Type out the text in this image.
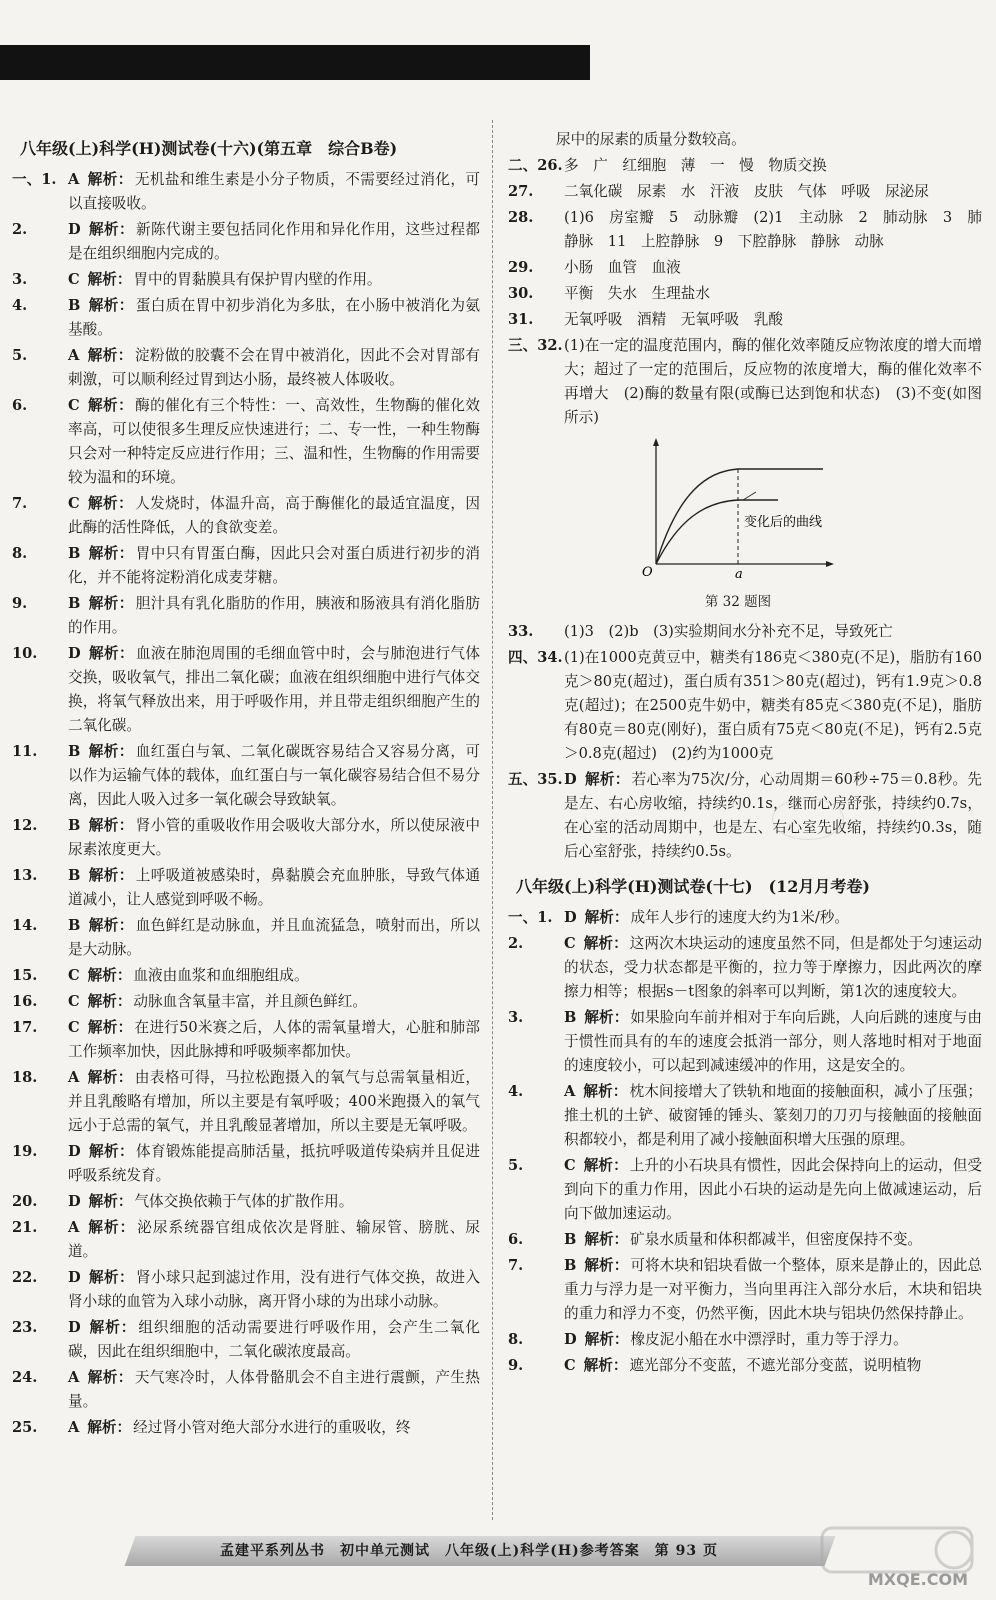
八年级(上)科学(H)测试卷(十六)(第五章　综合B卷)
一、1. A 解析： 无机盐和维生素是小分子物质，不需要经过消化，可以直接吸收。
2.	D 解析： 新陈代谢主要包括同化作用和异化作用，这些过程都是在组织细胞内完成的。
3.	C 解析： 胃中的胃黏膜具有保护胃内壁的作用。
4.	B 解析： 蛋白质在胃中初步消化为多肽，在小肠中被消化为氨基酸。
5.	A 解析： 淀粉做的胶囊不会在胃中被消化，因此不会对胃部有刺激，可以顺利经过胃到达小肠，最终被人体吸收。
6.	C 解析： 酶的催化有三个特性：一、高效性，生物酶的催化效率高，可以使很多生理反应快速进行；二、专一性，一种生物酶只会对一种特定反应进行作用；三、温和性，生物酶的作用需要较为温和的环境。
7.	C 解析： 人发烧时，体温升高，高于酶催化的最适宜温度，因此酶的活性降低，人的食欲变差。
8.	B 解析： 胃中只有胃蛋白酶，因此只会对蛋白质进行初步的消化，并不能将淀粉消化成麦芽糖。
9.	B 解析： 胆汁具有乳化脂肪的作用，胰液和肠液具有消化脂肪的作用。
10. D 解析： 血液在肺泡周围的毛细血管中时，会与肺泡进行气体交换，吸收氧气，排出二氧化碳；血液在组织细胞中进行气体交换，将氧气释放出来，用于呼吸作用，并且带走组织细胞产生的二氧化碳。
11. B 解析： 血红蛋白与氧、二氧化碳既容易结合又容易分离，可以作为运输气体的载体，血红蛋白与一氧化碳容易结合但不易分离，因此人吸入过多一氧化碳会导致缺氧。
12. B 解析： 肾小管的重吸收作用会吸收大部分水，所以使尿液中尿素浓度更大。
13. B 解析： 上呼吸道被感染时，鼻黏膜会充血肿胀，导致气体通道减小，让人感觉到呼吸不畅。
14. B 解析： 血色鲜红是动脉血，并且血流猛急，喷射而出，所以是大动脉。
15. C 解析： 血液由血浆和血细胞组成。
16. C 解析： 动脉血含氧量丰富，并且颜色鲜红。
17. C 解析： 在进行50米赛之后，人体的需氧量增大，心脏和肺部工作频率加快，因此脉搏和呼吸频率都加快。
18. A 解析： 由表格可得，马拉松跑摄入的氧气与总需氧量相近，并且乳酸略有增加，所以主要是有氧呼吸；400米跑摄入的氧气远小于总需的氧气，并且乳酸显著增加，所以主要是无氧呼吸。
19. D 解析： 体育锻炼能提高肺活量，抵抗呼吸道传染病并且促进呼吸系统发育。
20. D 解析： 气体交换依赖于气体的扩散作用。
21. A 解析： 泌尿系统器官组成依次是肾脏、输尿管、膀胱、尿道。
22. D 解析： 肾小球只起到滤过作用，没有进行气体交换，故进入肾小球的血管为入球小动脉，离开肾小球的为出球小动脉。
23. D 解析： 组织细胞的活动需要进行呼吸作用，会产生二氧化碳，因此在组织细胞中，二氧化碳浓度最高。
24. A 解析： 天气寒冷时，人体骨骼肌会不自主进行震颤，产生热量。
25. A 解析： 经过肾小管对绝大部分水进行的重吸收，终
尿中的尿素的质量分数较高。
二、26. 多　广　红细胞　薄　一　慢　物质交换
27. 二氧化碳　尿素　水　汗液　皮肤　气体　呼吸　尿泌尿
28. (1)6　房室瓣　5　动脉瓣　(2)1　主动脉　2　肺动脉　3　肺静脉　11　上腔静脉　9　下腔静脉　静脉　动脉
29. 小肠　血管　血液
30. 平衡　失水　生理盐水
31. 无氧呼吸　酒精　无氧呼吸　乳酸
三、32. (1)在一定的温度范围内，酶的催化效率随反应物浓度的增大而增大；超过了一定的范围后，反应物的浓度增大，酶的催化效率不再增大　(2)酶的数量有限(或酶已达到饱和状态)　(3)不变(如图所示)
变化后的曲线
O	a
第 32 题图
33. (1)3　(2)b　(3)实验期间水分补充不足，导致死亡
四、34. (1)在1000克黄豆中，糖类有186克＜380克(不足)，脂肪有160克＞80克(超过)，蛋白质有351＞80克(超过)，钙有1.9克＞0.8克(超过)；在2500克牛奶中，糖类有85克＜380克(不足)，脂肪有80克＝80克(刚好)，蛋白质有75克＜80克(不足)，钙有2.5克＞0.8克(超过)　(2)约为1000克
五、35. D 解析： 若心率为75次/分，心动周期＝60秒÷75＝0.8秒。先是左、右心房收缩，持续约0.1s，继而心房舒张，持续约0.7s，在心室的活动周期中，也是左、右心室先收缩，持续约0.3s，随后心室舒张，持续约0.5s。
八年级(上)科学(H)测试卷(十七)　(12月月考卷)
一、1. D 解析： 成年人步行的速度大约为1米/秒。
2.	C 解析： 这两次木块运动的速度虽然不同，但是都处于匀速运动的状态，受力状态都是平衡的，拉力等于摩擦力，因此两次的摩擦力相等；根据s－t图象的斜率可以判断，第1次的速度较大。
3.	B 解析： 如果脸向车前并相对于车向后跳，人向后跳的速度与由于惯性而具有的车的速度会抵消一部分，则人落地时相对于地面的速度较小，可以起到减速缓冲的作用，这是安全的。
4.	A 解析： 枕木间接增大了铁轨和地面的接触面积，减小了压强；推土机的土铲、破窗锤的锤头、篆刻刀的刀刃与接触面的接触面积都较小，都是利用了减小接触面积增大压强的原理。
5.	C 解析： 上升的小石块具有惯性，因此会保持向上的运动，但受到向下的重力作用，因此小石块的运动是先向上做减速运动，后向下做加速运动。
6.	B 解析： 矿泉水质量和体积都减半，但密度保持不变。
7.	B 解析： 可将木块和铝块看做一个整体，原来是静止的，因此总重力与浮力是一对平衡力，当向里再注入部分水后，木块和铝块的重力和浮力不变，仍然平衡，因此木块与铝块仍然保持静止。
8.	D 解析： 橡皮泥小船在水中漂浮时，重力等于浮力。
9.	C 解析： 遮光部分不变蓝，不遮光部分变蓝，说明植物
孟建平系列丛书　初中单元测试　八年级(上)科学(H)参考答案　第 93 页
MXQE.COM
